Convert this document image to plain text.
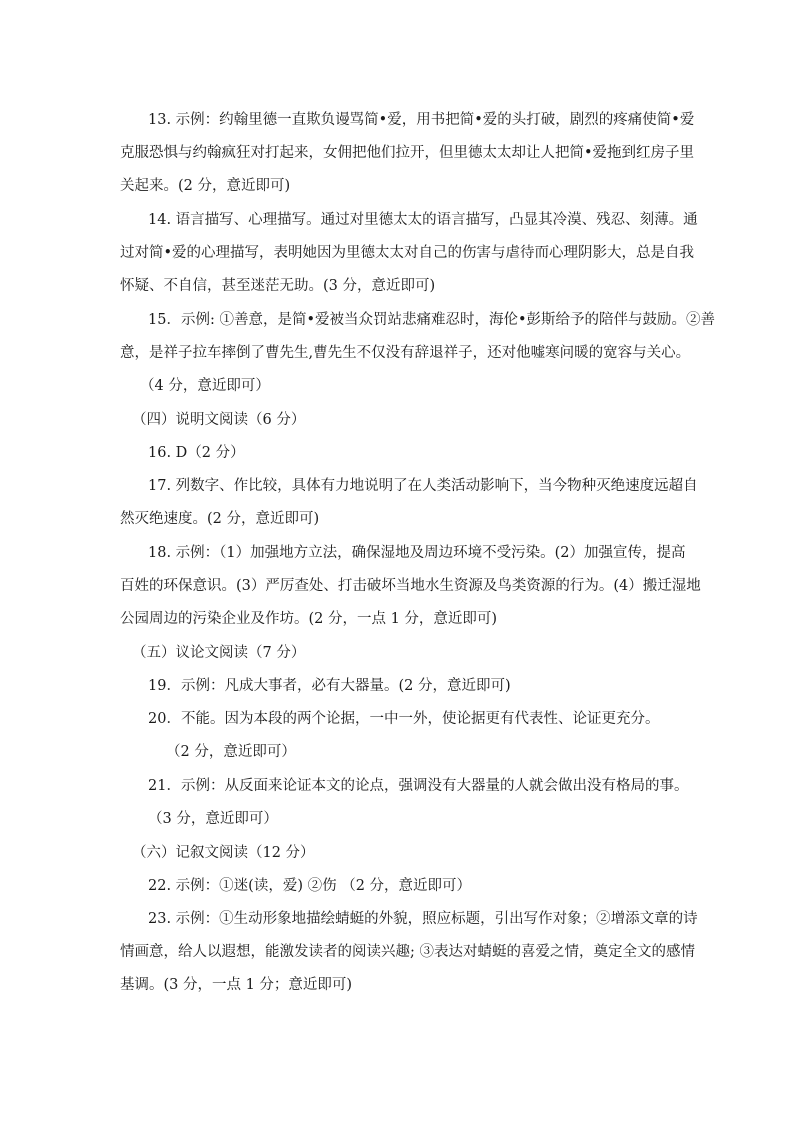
13. 示例：约翰里德一直欺负谩骂简•爱，用书把简•爱的头打破，剧烈的疼痛使简•爱
克服恐惧与约翰疯狂对打起来，女佣把他们拉开，但里德太太却让人把简•爱拖到红房子里
关起来。(2 分，意近即可)
14. 语言描写、心理描写。通过对里德太太的语言描写，凸显其冷漠、残忍、刻薄。通
过对简•爱的心理描写，表明她因为里德太太对自己的伤害与虐待而心理阴影大，总是自我
怀疑、不自信，甚至迷茫无助。(3 分，意近即可)
15．示例: ①善意，是简•爱被当众罚站悲痛难忍时，海伦•彭斯给予的陪伴与鼓励。②善
意，是祥子拉车摔倒了曹先生,曹先生不仅没有辞退祥子，还对他嘘寒问暖的宽容与关心。
（4 分，意近即可）
（四）说明文阅读（6 分）
16. D（2 分）
17. 列数字、作比较，具体有力地说明了在人类活动影响下，当今物种灭绝速度远超自
然灭绝速度。(2 分，意近即可)
18. 示例：（1）加强地方立法，确保湿地及周边环境不受污染。(2）加强宣传，提高
百姓的环保意识。(3）严厉查处、打击破坏当地水生资源及鸟类资源的行为。(4）搬迁湿地
公园周边的污染企业及作坊。(2 分，一点 1 分，意近即可)
（五）议论文阅读（7 分）
19．示例：凡成大事者，必有大器量。(2 分，意近即可)
20．不能。因为本段的两个论据，一中一外，使论据更有代表性、论证更充分。
（2 分，意近即可）
21．示例：从反面来论证本文的论点，强调没有大器量的人就会做出没有格局的事。
（3 分，意近即可）
（六）记叙文阅读（12 分）
22. 示例：①迷(读，爱) ②伤 （2 分，意近即可）
23. 示例：①生动形象地描绘蜻蜓的外貌，照应标题，引出写作对象；②增添文章的诗
情画意，给人以遐想，能激发读者的阅读兴趣; ③表达对蜻蜓的喜爱之情，奠定全文的感情
基调。(3 分，一点 1 分；意近即可)
